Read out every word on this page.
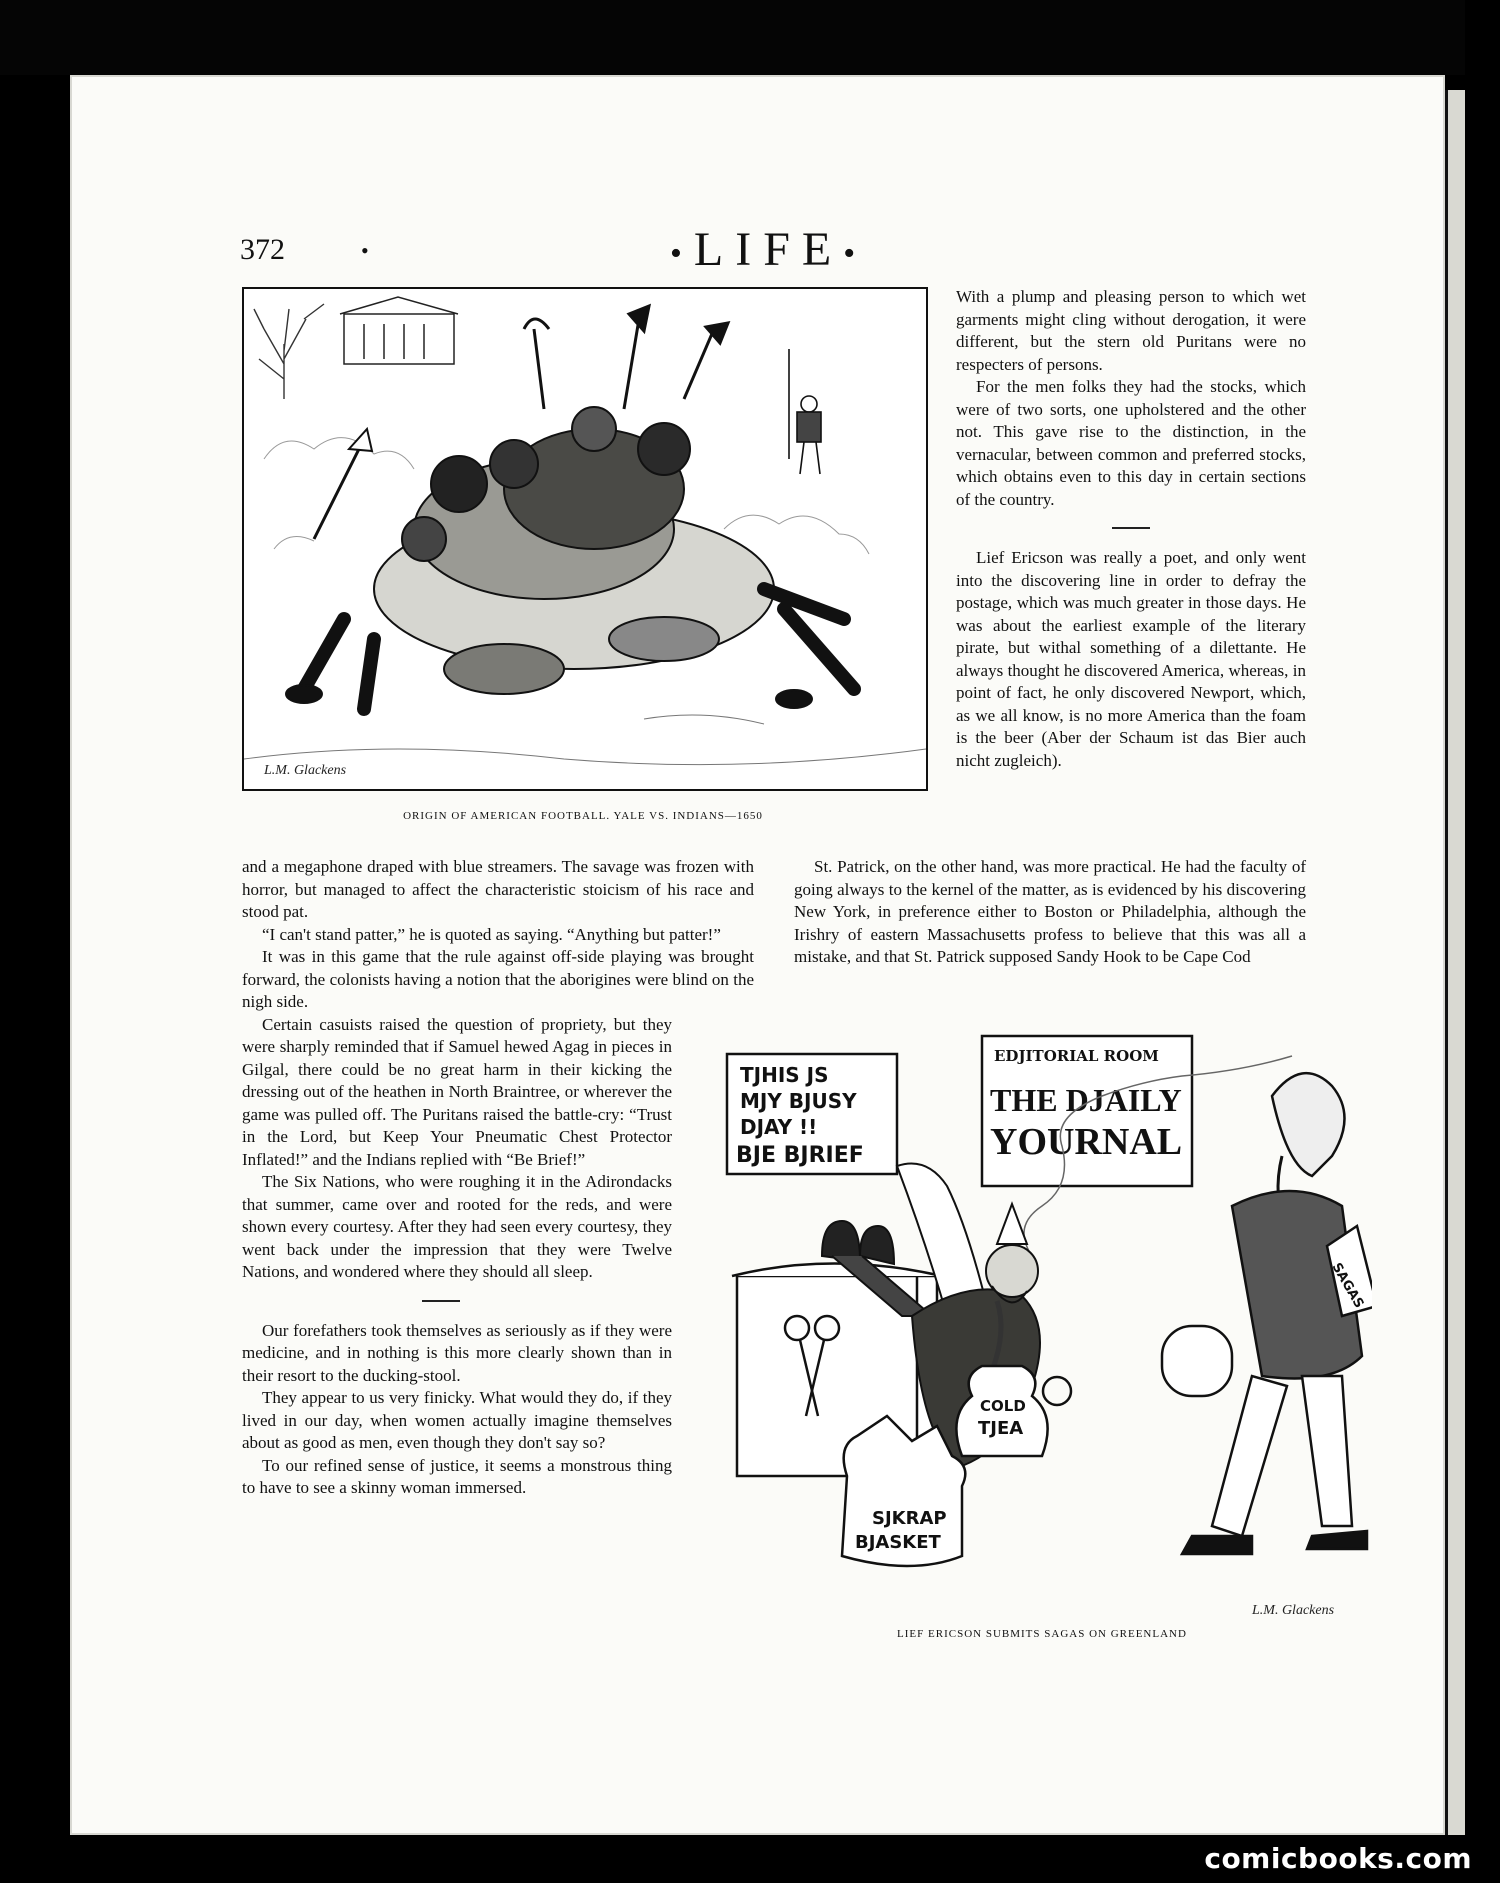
372	•	•LIFE•
L.M. Glackens
ORIGIN OF AMERICAN FOOTBALL. YALE VS. INDIANS—1650

With a plump and pleasing person to which wet garments might cling without derogation, it were different, but the stern old Puritans were no respecters of persons.

For the men folks they had the stocks, which were of two sorts, one upholstered and the other not. This gave rise to the distinction, in the vernacular, between common and preferred stocks, which obtains even to this day in certain sections of the country.

Lief Ericson was really a poet, and only went into the discovering line in order to defray the postage, which was much greater in those days. He was about the earliest example of the literary pirate, but withal something of a dilettante. He always thought he discovered America, whereas, in point of fact, he only discovered Newport, which, as we all know, is no more America than the foam is the beer (Aber der Schaum ist das Bier auch nicht zugleich).

and a megaphone draped with blue streamers. The savage was frozen with horror, but managed to affect the characteristic stoicism of his race and stood pat.

“I can't stand patter,” he is quoted as saying. “Anything but patter!”

It was in this game that the rule against off-side playing was brought forward, the colonists having a notion that the aborigines were blind on the nigh side.

Certain casuists raised the question of propriety, but they were sharply reminded that if Samuel hewed Agag in pieces in Gilgal, there could be no great harm in their kicking the dressing out of the heathen in North Braintree, or wherever the game was pulled off. The Puritans raised the battle-cry: “Trust in the Lord, but Keep Your Pneumatic Chest Protector Inflated!” and the Indians replied with “Be Brief!”

The Six Nations, who were roughing it in the Adirondacks that summer, came over and rooted for the reds, and were shown every courtesy. After they had seen every courtesy, they went back under the impression that they were Twelve Nations, and wondered where they should all sleep.

Our forefathers took themselves as seriously as if they were medicine, and in nothing is this more clearly shown than in their resort to the ducking-stool.

They appear to us very finicky. What would they do, if they lived in our day, when women actually imagine themselves about as good as men, even though they don't say so?

To our refined sense of justice, it seems a monstrous thing to have to see a skinny woman immersed.

St. Patrick, on the other hand, was more practical. He had the faculty of going always to the kernel of the matter, as is evidenced by his discovering New York, in preference either to Boston or Philadelphia, although the Irishry of eastern Massachusetts profess to believe that this was all a mistake, and that St. Patrick supposed Sandy Hook to be Cape Cod

TJHIS JS
MJY BJUSY
DJAY !!
BJE BJRIEF
EDJITORIAL ROOM
THE DJAILY
YOURNAL
COLD
TJEA
SJKRAP
BJASKET
SAGAS
L.M. Glackens
LIEF ERICSON SUBMITS SAGAS ON GREENLAND
comicbooks.com
